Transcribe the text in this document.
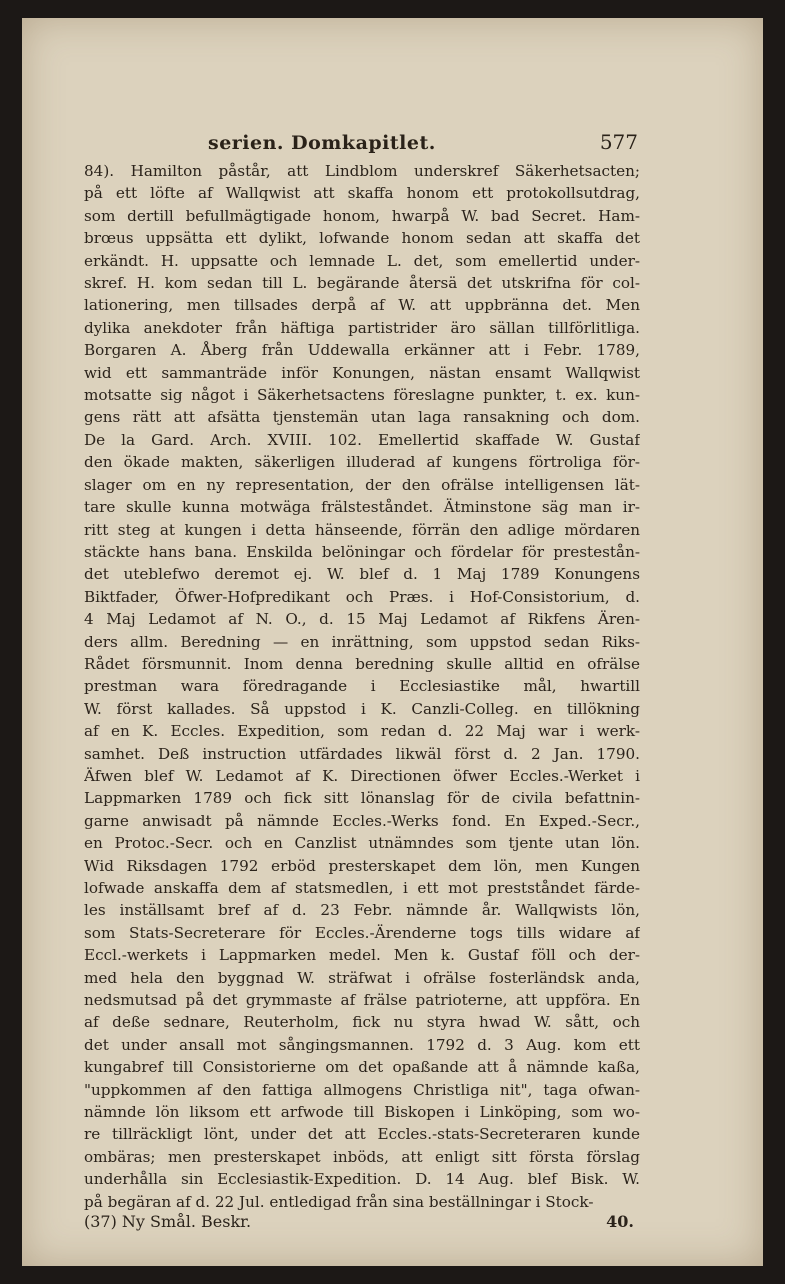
serien. Domkapitlet.	577
84). Hamilton påstår, att Lindblom underskref Säkerhetsacten;
på ett löfte af Wallqwist att skaffa honom ett protokollsutdrag,
som dertill befullmägtigade honom, hwarpå W. bad Secret. Ham-
brœus uppsätta ett dylikt, lofwande honom sedan att skaffa det
erkändt. H. uppsatte och lemnade L. det, som emellertid under-
skref. H. kom sedan till L. begärande återsä det utskrifna för col-
lationering, men tillsades derpå af W. att uppbränna det. Men
dylika anekdoter från häftiga partistrider äro sällan tillförlitliga.
Borgaren A. Åberg från Uddewalla erkänner att i Febr. 1789,
wid ett sammanträde inför Konungen, nästan ensamt Wallqwist
motsatte sig något i Säkerhetsactens föreslagne punkter, t. ex. kun-
gens rätt att afsätta tjenstemän utan laga ransakning och dom.
De la Gard. Arch. XVIII. 102. Emellertid skaffade W. Gustaf
den ökade makten, säkerligen illuderad af kungens förtroliga för-
slager om en ny representation, der den ofrälse intelligensen lät-
tare skulle kunna motwäga frälsteståndet. Ätminstone säg man ir-
ritt steg at kungen i detta hänseende, förrän den adlige mördaren
stäckte hans bana. Enskilda belöningar och fördelar för prestestån-
det uteblefwo deremot ej. W. blef d. 1 Maj 1789 Konungens
Biktfader, Öfwer-Hofpredikant och Præs. i Hof-Consistorium, d.
4 Maj Ledamot af N. O., d. 15 Maj Ledamot af Rikfens Ären-
ders allm. Beredning — en inrättning, som uppstod sedan Riks-
Rådet försmunnit. Inom denna beredning skulle alltid en ofrälse
prestman wara föredragande i Ecclesiastike mål, hwartill
W. först kallades. Så uppstod i K. Canzli-Colleg. en tillökning
af en K. Eccles. Expedition, som redan d. 22 Maj war i werk-
samhet. Deß instruction utfärdades likwäl först d. 2 Jan. 1790.
Äfwen blef W. Ledamot af K. Directionen öfwer Eccles.-Werket i
Lappmarken 1789 och fick sitt lönanslag för de civila befattnin-
garne anwisadt på nämnde Eccles.-Werks fond. En Exped.-Secr.,
en Protoc.-Secr. och en Canzlist utnämndes som tjente utan lön.
Wid Riksdagen 1792 erböd presterskapet dem lön, men Kungen
lofwade anskaffa dem af statsmedlen, i ett mot prestståndet färde-
les inställsamt bref af d. 23 Febr. nämnde år. Wallqwists lön,
som Stats-Secreterare för Eccles.-Ärenderne togs tills widare af
Eccl.-werkets i Lappmarken medel. Men k. Gustaf föll och der-
med hela den byggnad W. sträfwat i ofrälse fosterländsk anda,
nedsmutsad på det grymmaste af frälse patrioterne, att uppföra. En
af deße sednare, Reuterholm, fick nu styra hwad W. sått, och
det under ansall mot sångingsmannen. 1792 d. 3 Aug. kom ett
kungabref till Consistorierne om det opaßande att å nämnde kaßa,
"uppkommen af den fattiga allmogens Christliga nit", taga ofwan-
nämnde lön liksom ett arfwode till Biskopen i Linköping, som wo-
re tillräckligt lönt, under det att Eccles.-stats-Secreteraren kunde
ombäras; men presterskapet inböds, att enligt sitt första förslag
underhålla sin Ecclesiastik-Expedition. D. 14 Aug. blef Bisk. W.
på begäran af d. 22 Jul. entledigad från sina beställningar i Stock-
(37) Ny Smål. Beskr.	40.
